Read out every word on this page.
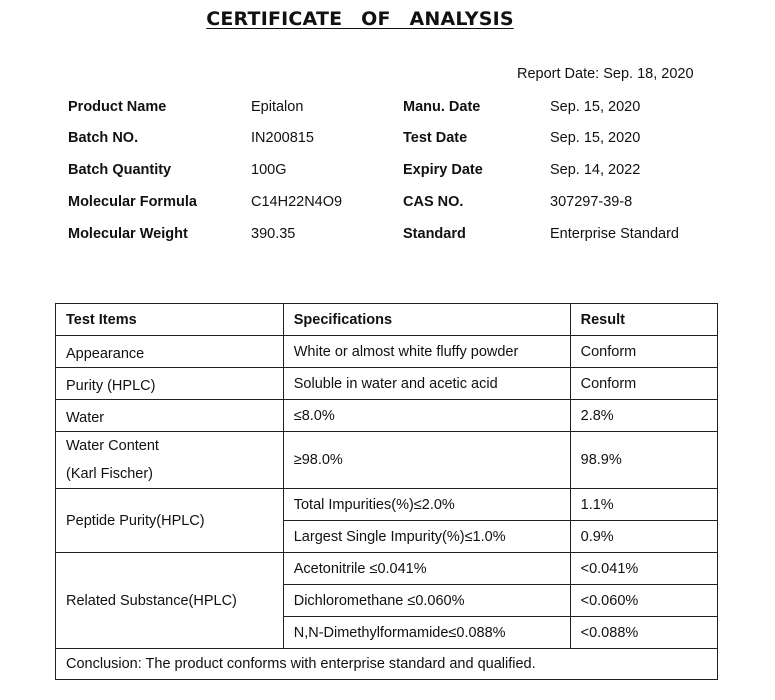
CERTIFICATE OF ANALYSIS
Report Date: Sep. 18, 2020
Product Name	Epitalon
Batch NO.	IN200815
Batch Quantity	100G
Molecular Formula	C14H22N4O9
Molecular Weight	390.35
Manu. Date	Sep. 15, 2020
Test Date	Sep. 15, 2020
Expiry Date	Sep. 14, 2022
CAS NO.	307297-39-8
Standard	Enterprise Standard
Test Items	Specifications	Result
Appearance	White or almost white fluffy powder	Conform
Purity (HPLC)	Soluble in water and acetic acid	Conform
Water	≤8.0%	2.8%

Water Content
(Karl Fischer)	≥98.0%	98.9%
Peptide Purity(HPLC)	Total Impurities(%)≤2.0%	1.1%
	Largest Single Impurity(%)≤1.0%	0.9%
Related Substance(HPLC)	Acetonitrile ≤0.041%	<0.041%
	Dichloromethane ≤0.060%	<0.060%
	N,N-Dimethylformamide≤0.088%	<0.088%
Conclusion: The product conforms with enterprise standard and qualified.		
